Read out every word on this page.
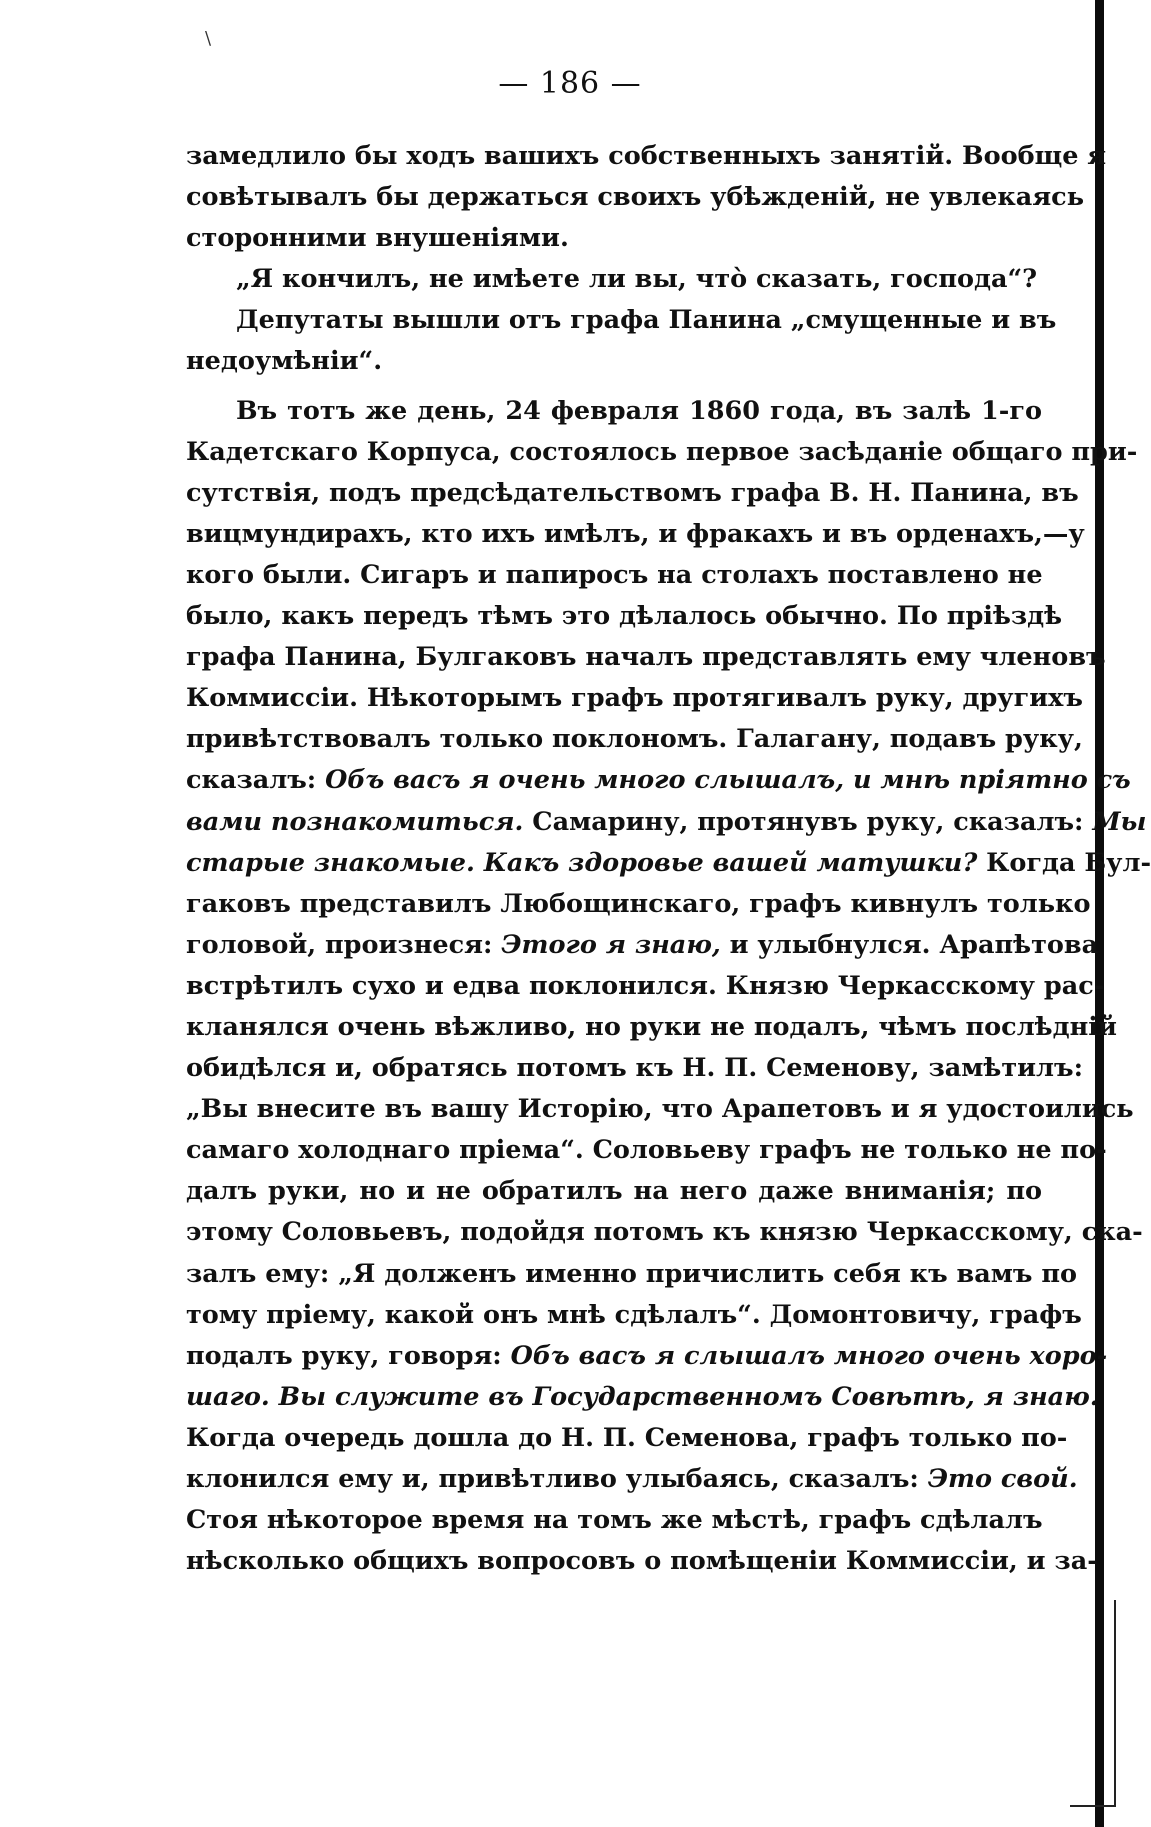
\
— 186 —
замедлило бы ходъ вашихъ собственныхъ занятій. Вообще я
совѣтывалъ бы держаться своихъ убѣжденій, не увлекаясь
сторонними внушеніями.
„Я кончилъ, не имѣете ли вы, что̀ сказать, господа“?
Депутаты вышли отъ графа Панина „смущенные и въ
недоумѣніи“.
Въ тотъ же день, 24 февраля 1860 года, въ залѣ 1-го
Кадетскаго Корпуса, состоялось первое засѣданіе общаго при-
сутствія, подъ предсѣдательствомъ графа В. Н. Панина, въ
вицмундирахъ, кто ихъ имѣлъ, и фракахъ и въ орденахъ,—у
кого были. Сигаръ и папиросъ на столахъ поставлено не
было, какъ передъ тѣмъ это дѣлалось обычно. По пріѣздѣ
графа Панина, Булгаковъ началъ представлять ему членовъ
Коммиссіи. Нѣкоторымъ графъ протягивалъ руку, другихъ
привѣтствовалъ только поклономъ. Галагану, подавъ руку,
сказалъ: Объ васъ я очень много слышалъ, и мнѣ пріятно съ
вами познакомиться. Самарину, протянувъ руку, сказалъ: Мы
старые знакомые. Какъ здоровье вашей матушки? Когда Бул-
гаковъ представилъ Любощинскаго, графъ кивнулъ только
головой, произнеся: Этого я знаю, и улыбнулся. Арапѣтова
встрѣтилъ сухо и едва поклонился. Князю Черкасскому рас-
кланялся очень вѣжливо, но руки не подалъ, чѣмъ послѣдній
обидѣлся и, обратясь потомъ къ Н. П. Семенову, замѣтилъ:
„Вы внесите въ вашу Исторію, что Арапетовъ и я удостоились
самаго холоднаго пріема“. Соловьеву графъ не только не по-
далъ руки, но и не обратилъ на него даже вниманія; по
этому Соловьевъ, подойдя потомъ къ князю Черкасскому, ска-
залъ ему: „Я долженъ именно причислить себя къ вамъ по
тому пріему, какой онъ мнѣ сдѣлалъ“. Домонтовичу, графъ
подалъ руку, говоря: Объ васъ я слышалъ много очень хоро-
шаго. Вы служите въ Государственномъ Совѣтѣ, я знаю.
Когда очередь дошла до Н. П. Семенова, графъ только по-
клонился ему и, привѣтливо улыбаясь, сказалъ: Это свой.
Стоя нѣкоторое время на томъ же мѣстѣ, графъ сдѣлалъ
нѣсколько общихъ вопросовъ о помѣщеніи Коммиссіи, и за-
